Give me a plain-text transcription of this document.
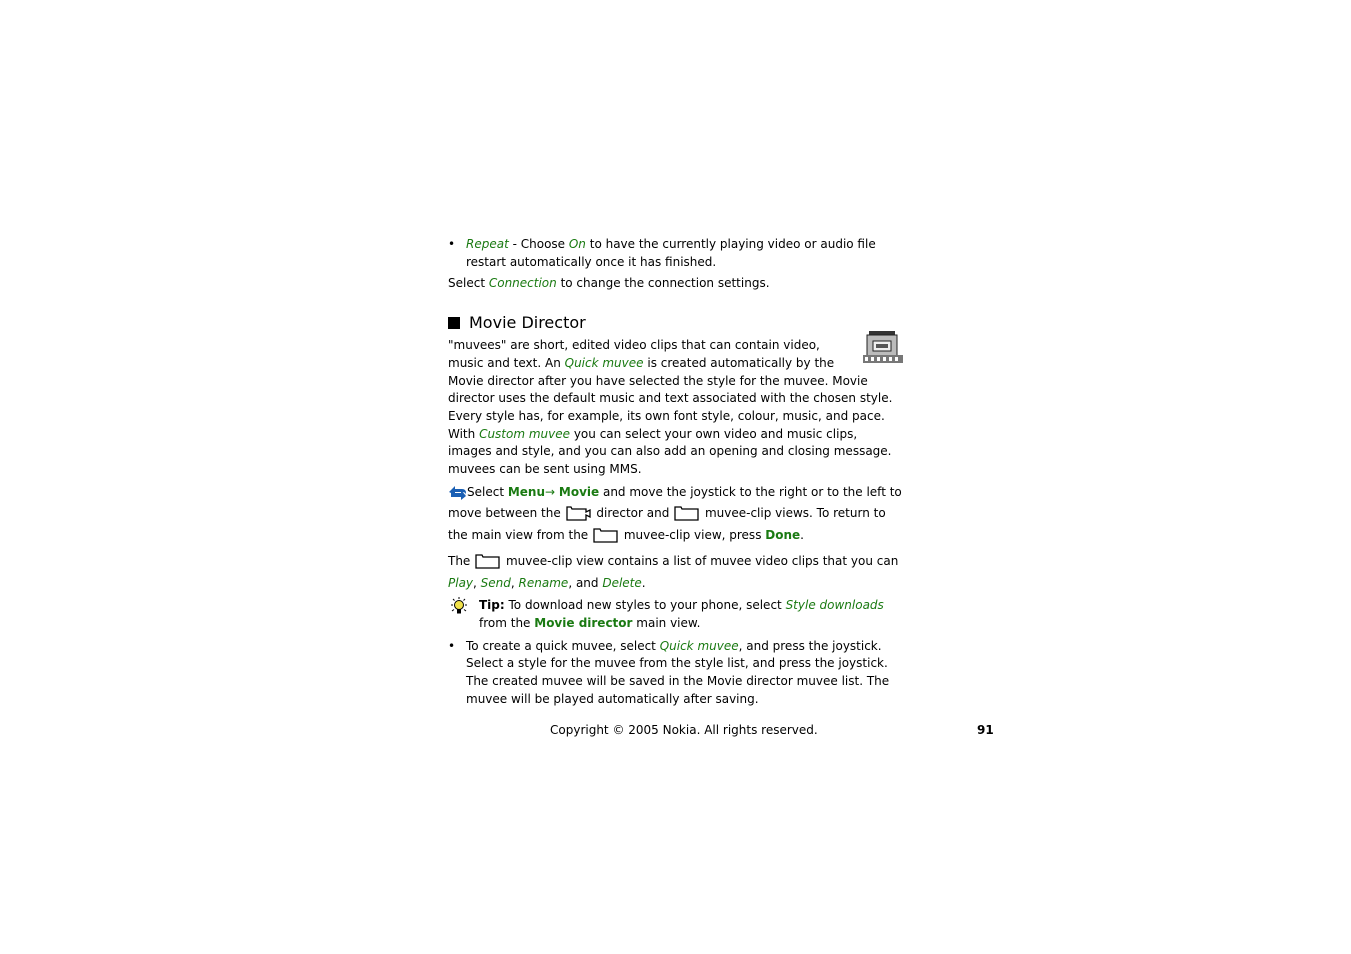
• Repeat - Choose On to have the currently playing video or audio file restart automatically once it has finished.

Select Connection to change the connection settings.

Movie Director

"muvees" are short, edited video clips that can contain video, music and text. An Quick muvee is created automatically by the Movie director after you have selected the style for the muvee. Movie director uses the default music and text associated with the chosen style. Every style has, for example, its own font style, colour, music, and pace. With Custom muvee you can select your own video and music clips, images and style, and you can also add an opening and closing message. muvees can be sent using MMS.

Select Menu→ Movie and move the joystick to the right or to the left to move between the  director and  muvee-clip views. To return to the main view from the  muvee-clip view, press Done.

The  muvee-clip view contains a list of muvee video clips that you can Play, Send, Rename, and Delete.

Tip: To download new styles to your phone, select Style downloads from the Movie director main view.

• To create a quick muvee, select Quick muvee, and press the joystick. Select a style for the muvee from the style list, and press the joystick. The created muvee will be saved in the Movie director muvee list. The muvee will be played automatically after saving.

Copyright © 2005 Nokia. All rights reserved.	91
